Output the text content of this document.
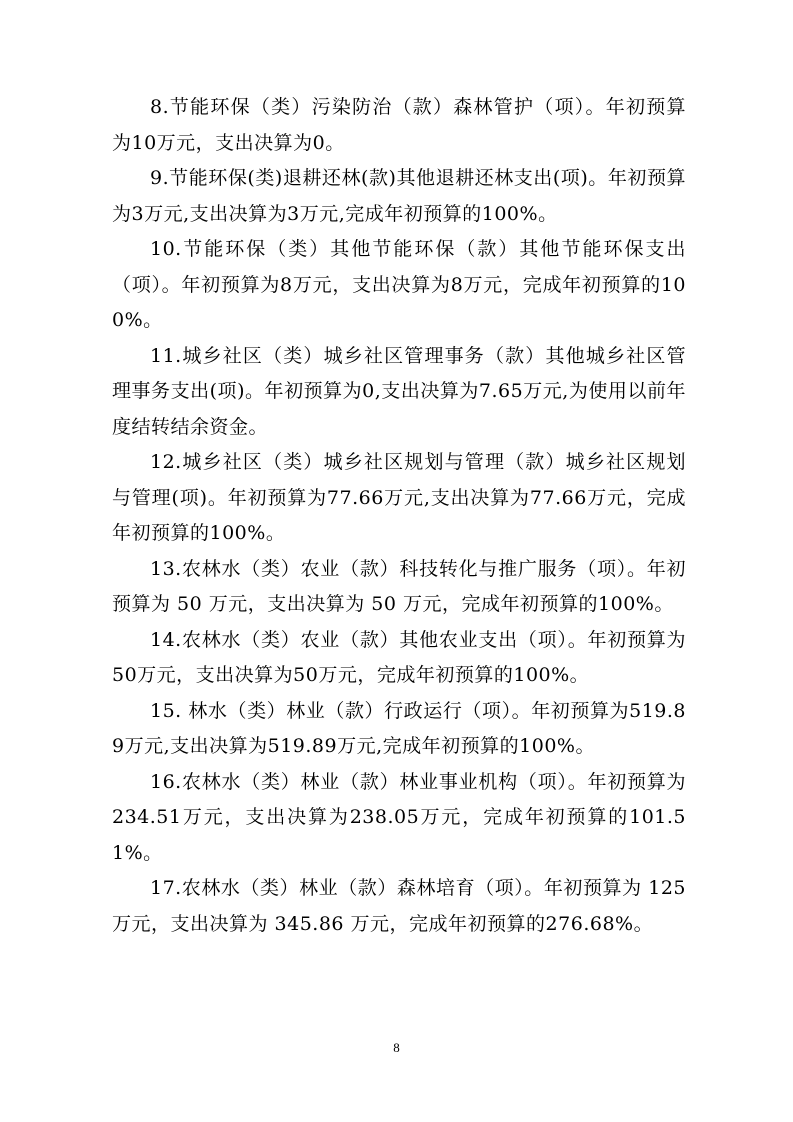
8.节能环保（类）污染防治（款）森林管护（项）。年初预算为10万元，支出决算为0。

9.节能环保(类)退耕还林(款)其他退耕还林支出(项)。年初预算为3万元,支出决算为3万元,完成年初预算的100%。

10.节能环保（类）其他节能环保（款）其他节能环保支出（项）。年初预算为8万元，支出决算为8万元，完成年初预算的100%。

11.城乡社区（类）城乡社区管理事务（款）其他城乡社区管理事务支出(项)。年初预算为0,支出决算为7.65万元,为使用以前年度结转结余资金。

12.城乡社区（类）城乡社区规划与管理（款）城乡社区规划与管理(项)。年初预算为77.66万元,支出决算为77.66万元，完成年初预算的100%。

13.农林水（类）农业（款）科技转化与推广服务（项）。年初预算为 50 万元，支出决算为 50 万元，完成年初预算的100%。

14.农林水（类）农业（款）其他农业支出（项）。年初预算为50万元，支出决算为50万元，完成年初预算的100%。

15. 林水（类）林业（款）行政运行（项）。年初预算为519.89万元,支出决算为519.89万元,完成年初预算的100%。

16.农林水（类）林业（款）林业事业机构（项）。年初预算为234.51万元，支出决算为238.05万元，完成年初预算的101.51%。

17.农林水（类）林业（款）森林培育（项）。年初预算为 125 万元，支出决算为 345.86 万元，完成年初预算的276.68%。

8
